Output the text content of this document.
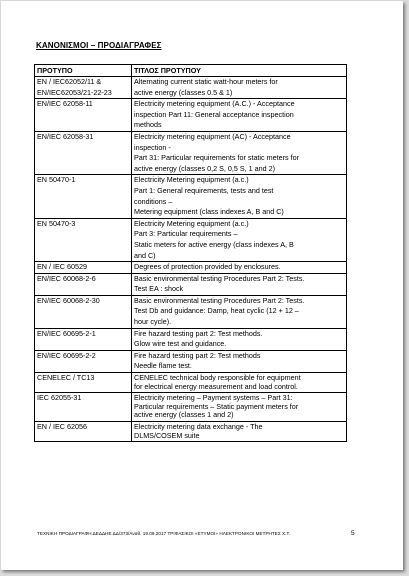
ΚΑΝΟΝΙΣΜΟΙ – ΠΡΟΔΙΑΓΡΑΦΕΣ
ΠΡΟΤΥΠΟ	ΤΙΤΛΟΣ ΠΡΟΤΥΠΟΥ
EN / IEC62052/11 &
EN/IEC62053/21-22-23	Alternating current static watt-hour meters for
active energy (classes 0.5 & 1)
EN/IEC 62058-11	Electricity metering equipment (A.C.) - Acceptance
inspection Part 11: General acceptance inspection
methods
EN/IEC 62058-31	Electricity metering equipment (AC) - Acceptance
inspection -
Part 31: Particular requirements for static meters for
active energy (classes 0,2 S, 0,5 S, 1 and 2)
EN 50470-1	Electricity Metering equipment (a.c.)
Part 1: General requirements, tests and test
conditions –
Metering equipment (class indexes A, B and C)
EN 50470-3	Electricity Metering equipment (a.c.)
Part 3: Particular requirements –
Static meters for active energy (class indexes A, B
and C)
EN / IEC 60529	Degrees of protection provided by enclosures.
EN/IEC 60068-2-6	Basic environmental testing Procedures Part 2: Tests.
Test EA : shock
EN/IEC 60068-2-30	Basic environmental testing Procedures Part 2: Tests.
Test Db and guidance: Damp, heat cyclic (12 + 12 –
hour cycle).
EN/IEC 60695-2-1	Fire hazard testing part 2: Test methods.
Glow wire test and guidance.
EN/IEC 60695-2-2	Fire hazard testing part 2: Test methods
Needle flame test.
CENELEC / TC13	CENELEC technical body responsible for equipment
for electrical energy measurement and load control.
IEC 62055-31	Electricity metering – Payment systems – Part 31:
Particular requirements – Static payment meters for
active energy (classes 1 and 2)
EN / IEC 62056	Electricity metering data exchange - The
DLMS/COSEM suite
ΤΕΧΝΙΚΗ ΠΡΟΔΙΑΓΡΑΦΗ ΔΕΔΔΗΕ ΔΔ/373/Αναθ. 19.09.2017 ΤΡΙΦΑΣΙΚΟΙ «ΕΤΥΜΟΙ» ΗΛΕΚΤΡΟΝΙΚΟΙ ΜΕΤΡΗΤΕΣ Χ.Τ.	5
